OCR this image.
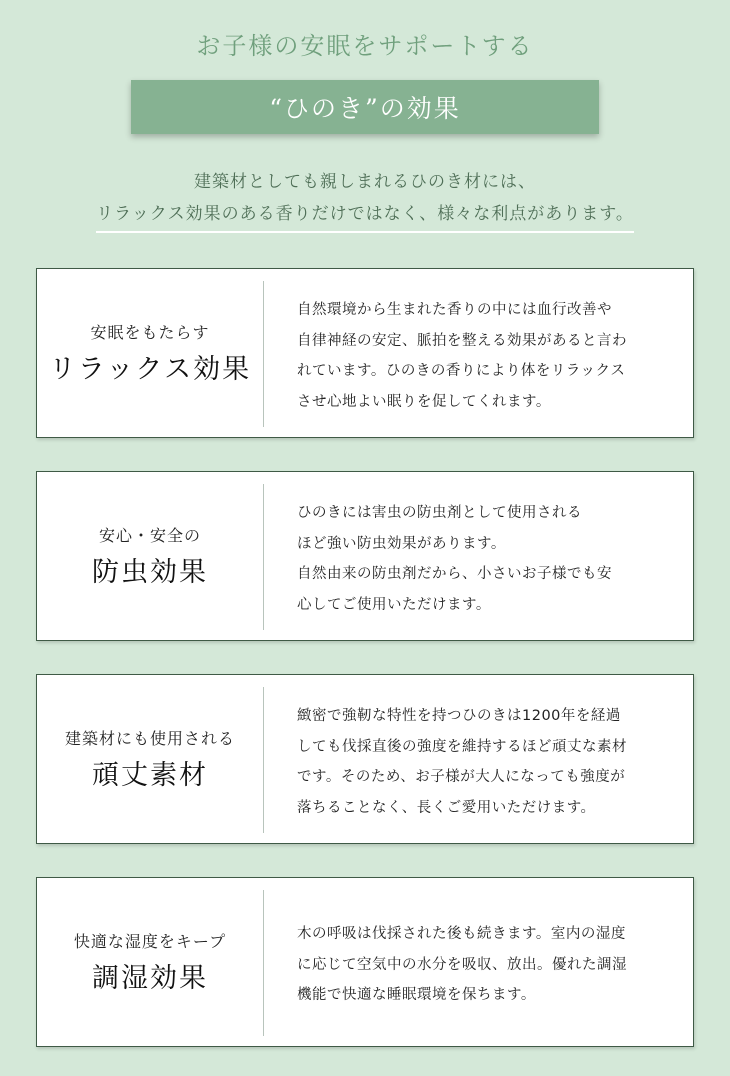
お子様の安眠をサポートする
“ひのき”の効果
建築材としても親しまれるひのき材には、
リラックス効果のある香りだけではなく、様々な利点があります。
安眠をもたらす
リラックス効果
自然環境から生まれた香りの中には血行改善や
自律神経の安定、脈拍を整える効果があると言わ
れています。ひのきの香りにより体をリラックス
させ心地よい眠りを促してくれます。
安心・安全の
防虫効果
ひのきには害虫の防虫剤として使用される
ほど強い防虫効果があります。
自然由来の防虫剤だから、小さいお子様でも安
心してご使用いただけます。
建築材にも使用される
頑丈素材
緻密で強靭な特性を持つひのきは1200年を経過
しても伐採直後の強度を維持するほど頑丈な素材
です。そのため、お子様が大人になっても強度が
落ちることなく、長くご愛用いただけます。
快適な湿度をキープ
調湿効果
木の呼吸は伐採された後も続きます。室内の湿度
に応じて空気中の水分を吸収、放出。優れた調湿
機能で快適な睡眠環境を保ちます。
